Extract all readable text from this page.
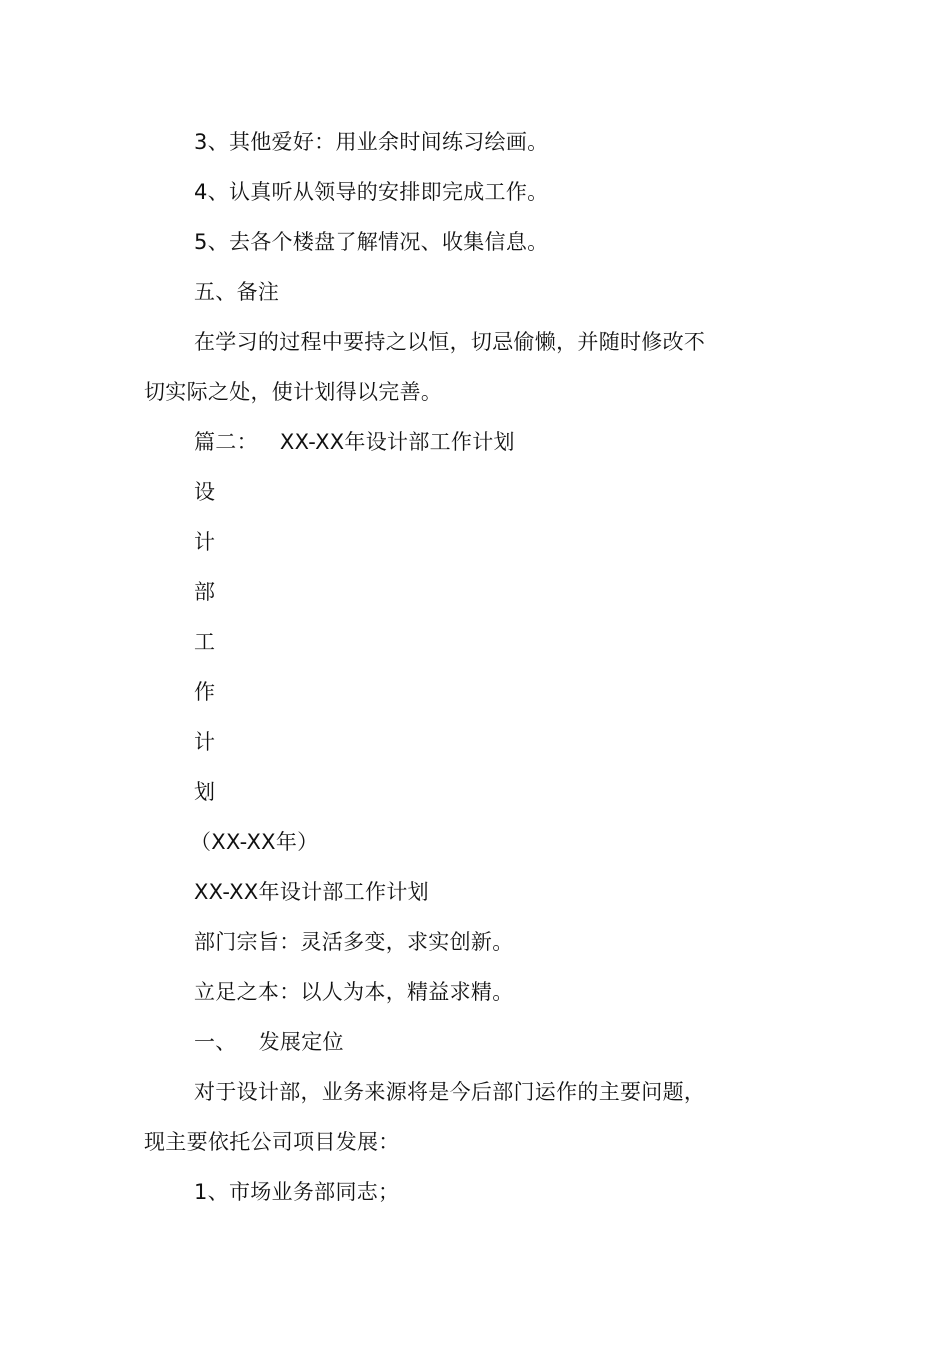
3、其他爱好：用业余时间练习绘画。
4、认真听从领导的安排即完成工作。
5、去各个楼盘了解情况、收集信息。
五、备注
在学习的过程中要持之以恒，切忌偷懒，并随时修改不
切实际之处，使计划得以完善。
篇二： XX-XX年设计部工作计划
设
计
部
工
作
计
划
（XX-XX年）
XX-XX年设计部工作计划
部门宗旨：灵活多变，求实创新。
立足之本：以人为本，精益求精。
一、 发展定位
对于设计部，业务来源将是今后部门运作的主要问题，
现主要依托公司项目发展：
1、市场业务部同志；
